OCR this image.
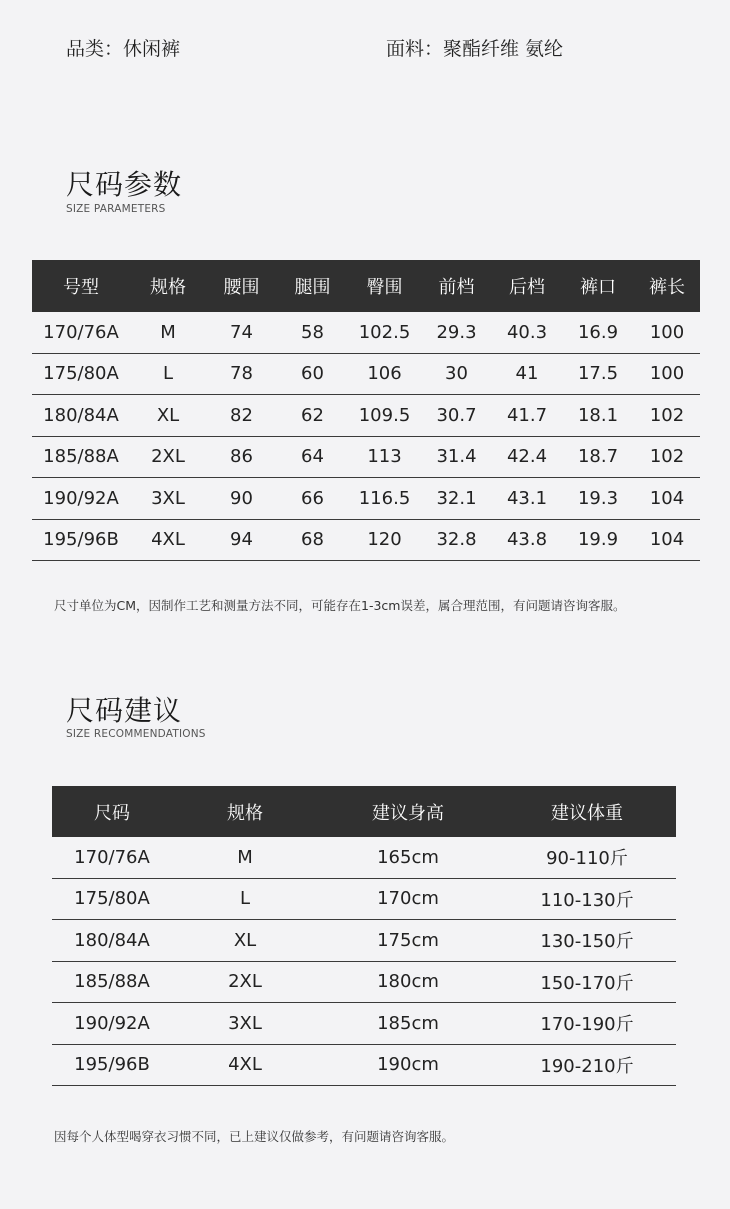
品类：休闲裤	面料：聚酯纤维 氨纶
尺码参数
SIZE PARAMETERS
号型	规格	腰围	腿围	臀围	前档	后档	裤口	裤长
170/76A	M	74	58	102.5	29.3	40.3	16.9	100
175/80A	L	78	60	106	30	41	17.5	100
180/84A	XL	82	62	109.5	30.7	41.7	18.1	102
185/88A	2XL	86	64	113	31.4	42.4	18.7	102
190/92A	3XL	90	66	116.5	32.1	43.1	19.3	104
195/96B	4XL	94	68	120	32.8	43.8	19.9	104
尺寸单位为CM，因制作工艺和测量方法不同，可能存在1-3cm误差，属合理范围，有问题请咨询客服。
尺码建议
SIZE RECOMMENDATIONS
尺码	规格	建议身高	建议体重
170/76A	M	165cm	90-110斤
175/80A	L	170cm	110-130斤
180/84A	XL	175cm	130-150斤
185/88A	2XL	180cm	150-170斤
190/92A	3XL	185cm	170-190斤
195/96B	4XL	190cm	190-210斤
因每个人体型喝穿衣习惯不同，已上建议仅做参考，有问题请咨询客服。
